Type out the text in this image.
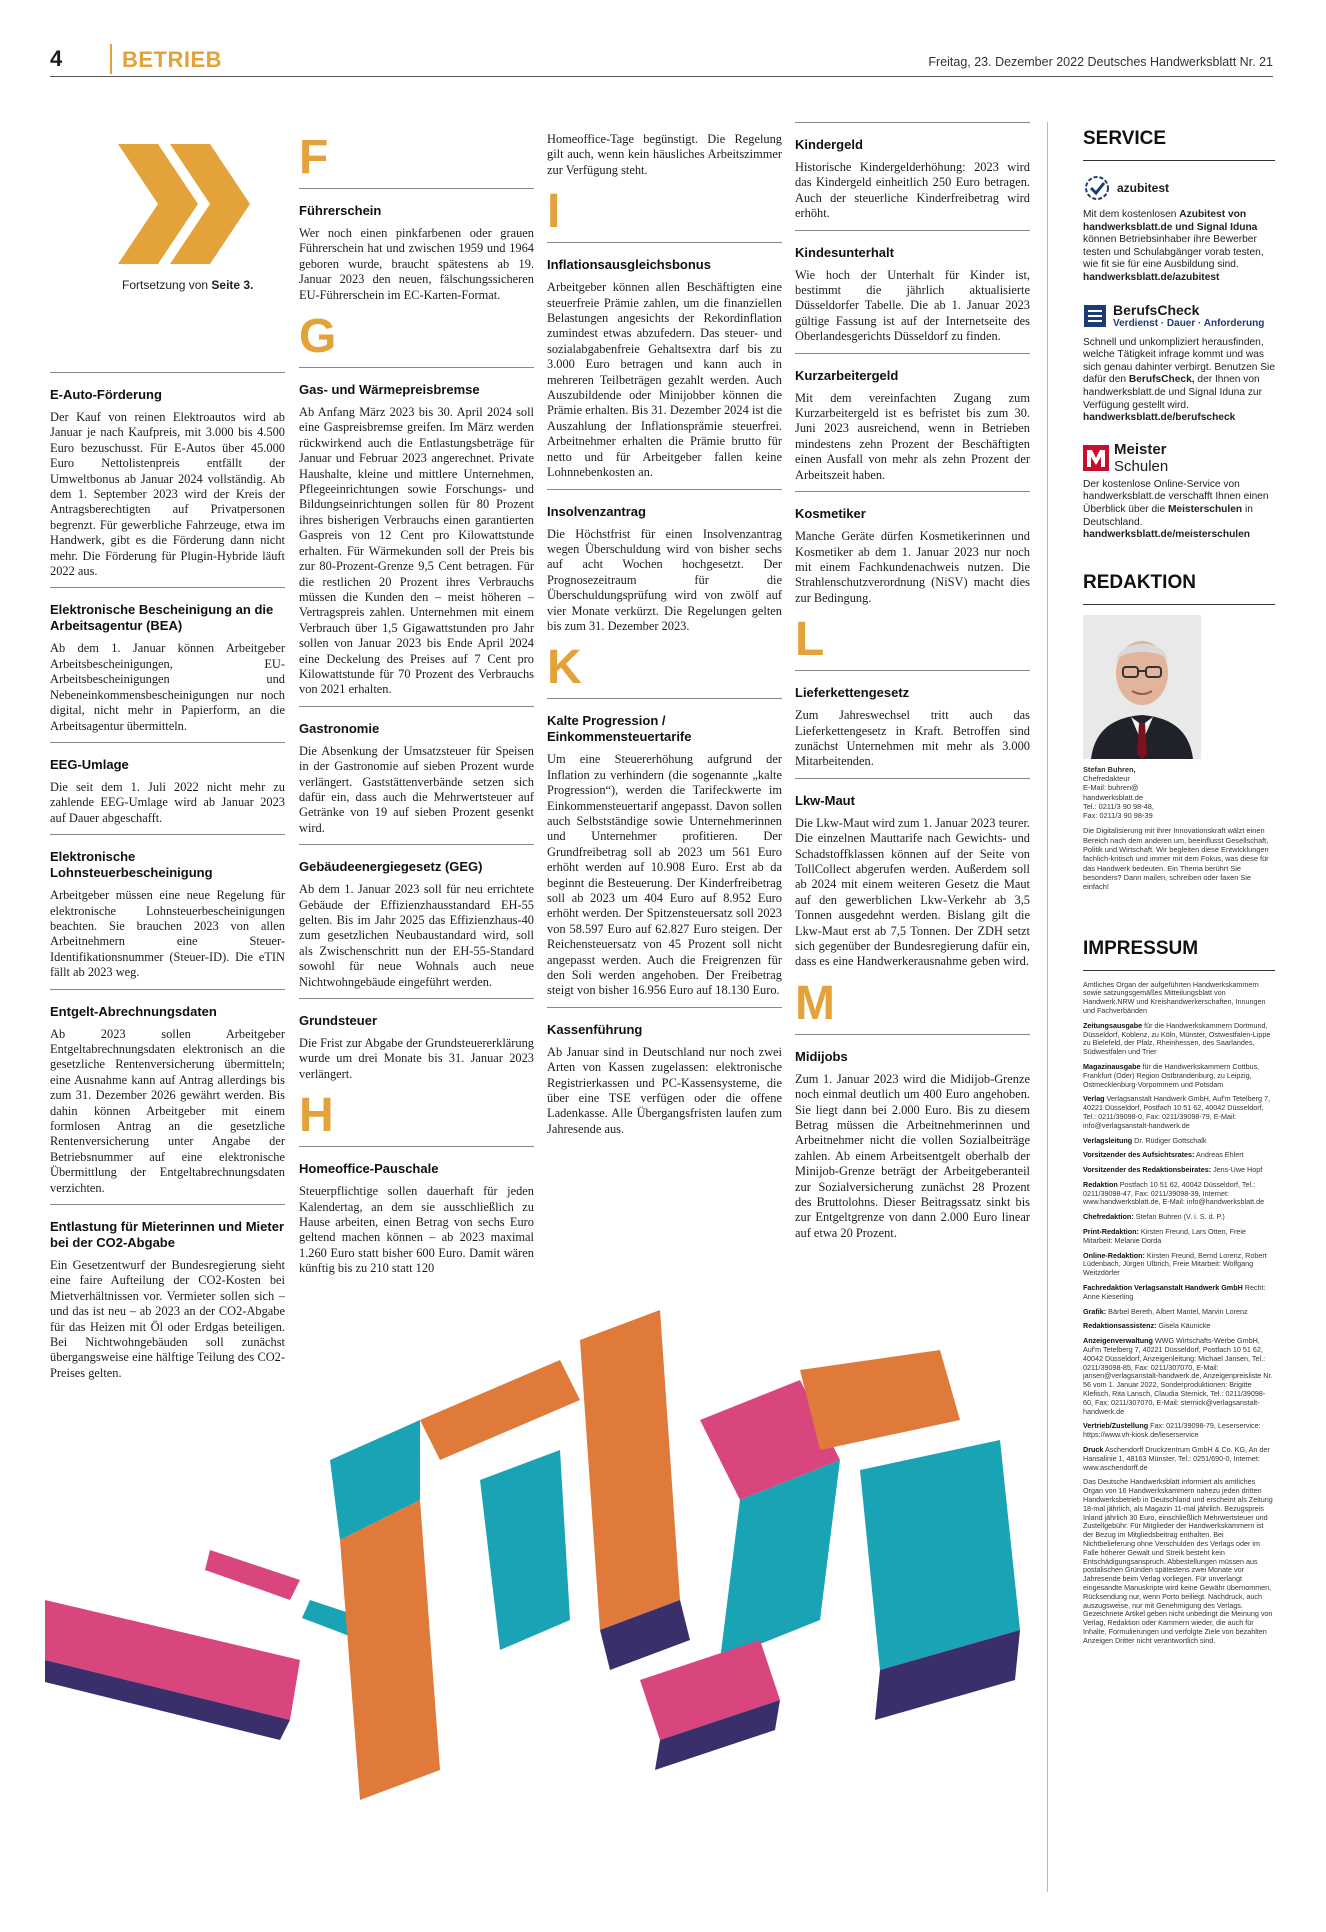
4	BETRIEB	Freitag, 23. Dezember 2022 Deutsches Handwerksblatt Nr. 21
Fortsetzung von Seite 3.
E-Auto-Förderung

Der Kauf von reinen Elektroautos wird ab Januar je nach Kaufpreis, mit 3.000 bis 4.500 Euro bezuschusst. Für E-Autos über 45.000 Euro Nettolistenpreis entfällt der Umweltbonus ab Januar 2024 vollständig. Ab dem 1. September 2023 wird der Kreis der Antragsberechtigten auf Privatpersonen begrenzt. Für gewerbliche Fahrzeuge, etwa im Handwerk, gibt es die Förderung dann nicht mehr. Die Förderung für Plugin-Hybride läuft 2022 aus.

Elektronische Bescheinigung an die Arbeitsagentur (BEA)

Ab dem 1. Januar können Arbeitgeber Arbeitsbescheinigungen, EU-Arbeitsbescheinigungen und Nebeneinkommensbescheinigungen nur noch digital, nicht mehr in Papierform, an die Arbeitsagentur übermitteln.

EEG-Umlage

Die seit dem 1. Juli 2022 nicht mehr zu zahlende EEG-Umlage wird ab Januar 2023 auf Dauer abgeschafft.

Elektronische Lohnsteuerbescheinigung

Arbeitgeber müssen eine neue Regelung für elektronische Lohnsteuerbescheinigungen beachten. Sie brauchen 2023 von allen Arbeitnehmern eine Steuer-Identifikationsnummer (Steuer-ID). Die eTIN fällt ab 2023 weg.

Entgelt-Abrechnungsdaten

Ab 2023 sollen Arbeitgeber Entgeltabrechnungsdaten elektronisch an die gesetzliche Rentenversicherung übermitteln; eine Ausnahme kann auf Antrag allerdings bis zum 31. Dezember 2026 gewährt werden. Bis dahin können Arbeitgeber mit einem formlosen Antrag an die gesetzliche Rentenversicherung unter Angabe der Betriebsnummer auf eine elektronische Übermittlung der Entgeltabrechnungsdaten verzichten.

Entlastung für Mieterinnen und Mieter bei der CO2-Abgabe

Ein Gesetzentwurf der Bundesregierung sieht eine faire Aufteilung der CO2-Kosten bei Mietverhältnissen vor. Vermieter sollen sich – und das ist neu – ab 2023 an der CO2-Abgabe für das Heizen mit Öl oder Erdgas beteiligen. Bei Nichtwohngebäuden soll zunächst übergangsweise eine hälftige Teilung des CO2-Preises gelten.

F
Führerschein

Wer noch einen pinkfarbenen oder grauen Führerschein hat und zwischen 1959 und 1964 geboren wurde, braucht spätestens ab 19. Januar 2023 den neuen, fälschungssicheren EU-Führerschein im EC-Karten-Format.

G
Gas- und Wärmepreisbremse

Ab Anfang März 2023 bis 30. April 2024 soll eine Gaspreisbremse greifen. Im März werden rückwirkend auch die Entlastungsbeträge für Januar und Februar 2023 angerechnet. Private Haushalte, kleine und mittlere Unternehmen, Pflegeeinrichtungen sowie Forschungs- und Bildungseinrichtungen sollen für 80 Prozent ihres bisherigen Verbrauchs einen garantierten Gaspreis von 12 Cent pro Kilowattstunde erhalten. Für Wärmekunden soll der Preis bis zur 80-Prozent-Grenze 9,5 Cent betragen. Für die restlichen 20 Prozent ihres Verbrauchs müssen die Kunden den – meist höheren – Vertragspreis zahlen. Unternehmen mit einem Verbrauch über 1,5 Gigawattstunden pro Jahr sollen von Januar 2023 bis Ende April 2024 eine Deckelung des Preises auf 7 Cent pro Kilowattstunde für 70 Prozent des Verbrauchs von 2021 erhalten.

Gastronomie

Die Absenkung der Umsatzsteuer für Speisen in der Gastronomie auf sieben Prozent wurde verlängert. Gaststättenverbände setzen sich dafür ein, dass auch die Mehrwertsteuer auf Getränke von 19 auf sieben Prozent gesenkt wird.

Gebäudeenergiegesetz (GEG)

Ab dem 1. Januar 2023 soll für neu errichtete Gebäude der Effizienzhausstandard EH-55 gelten. Bis im Jahr 2025 das Effizienzhaus-40 zum gesetzlichen Neubaustandard wird, soll als Zwischenschritt nun der EH-55-Standard sowohl für neue Wohnals auch neue Nichtwohngebäude eingeführt werden.

Grundsteuer

Die Frist zur Abgabe der Grundsteuererklärung wurde um drei Monate bis 31. Januar 2023 verlängert.

H
Homeoffice-Pauschale

Steuerpflichtige sollen dauerhaft für jeden Kalendertag, an dem sie ausschließlich zu Hause arbeiten, einen Betrag von sechs Euro geltend machen können – ab 2023 maximal 1.260 Euro statt bisher 600 Euro. Damit wären künftig bis zu 210 statt 120

Homeoffice-Tage begünstigt. Die Regelung gilt auch, wenn kein häusliches Arbeitszimmer zur Verfügung steht.

I
Inflationsausgleichsbonus

Arbeitgeber können allen Beschäftigten eine steuerfreie Prämie zahlen, um die finanziellen Belastungen angesichts der Rekordinflation zumindest etwas abzufedern. Das steuer- und sozialabgabenfreie Gehaltsextra darf bis zu 3.000 Euro betragen und kann auch in mehreren Teilbeträgen gezahlt werden. Auch Auszubildende oder Minijobber können die Prämie erhalten. Bis 31. Dezember 2024 ist die Auszahlung der Inflationsprämie steuerfrei. Arbeitnehmer erhalten die Prämie brutto für netto und für Arbeitgeber fallen keine Lohnnebenkosten an.

Insolvenzantrag

Die Höchstfrist für einen Insolvenzantrag wegen Überschuldung wird von bisher sechs auf acht Wochen hochgesetzt. Der Prognosezeitraum für die Überschuldungsprüfung wird von zwölf auf vier Monate verkürzt. Die Regelungen gelten bis zum 31. Dezember 2023.

K
Kalte Progression / Einkommensteuertarife

Um eine Steuererhöhung aufgrund der Inflation zu verhindern (die sogenannte „kalte Progression“), werden die Tarifeckwerte im Einkommensteuertarif angepasst. Davon sollen auch Selbstständige sowie Unternehmerinnen und Unternehmer profitieren. Der Grundfreibetrag soll ab 2023 um 561 Euro erhöht werden auf 10.908 Euro. Erst ab da beginnt die Besteuerung. Der Kinderfreibetrag soll ab 2023 um 404 Euro auf 8.952 Euro erhöht werden. Der Spitzensteuersatz soll 2023 von 58.597 Euro auf 62.827 Euro steigen. Der Reichensteuersatz von 45 Prozent soll nicht angepasst werden. Auch die Freigrenzen für den Soli werden angehoben. Der Freibetrag steigt von bisher 16.956 Euro auf 18.130 Euro.

Kassenführung

Ab Januar sind in Deutschland nur noch zwei Arten von Kassen zugelassen: elektronische Registrierkassen und PC-Kassensysteme, die über eine TSE verfügen oder die offene Ladenkasse. Alle Übergangsfristen laufen zum Jahresende aus.

Kindergeld

Historische Kindergelderhöhung: 2023 wird das Kindergeld einheitlich 250 Euro betragen. Auch der steuerliche Kinderfreibetrag wird erhöht.

Kindesunterhalt

Wie hoch der Unterhalt für Kinder ist, bestimmt die jährlich aktualisierte Düsseldorfer Tabelle. Die ab 1. Januar 2023 gültige Fassung ist auf der Internetseite des Oberlandesgerichts Düsseldorf zu finden.

Kurzarbeitergeld

Mit dem vereinfachten Zugang zum Kurzarbeitergeld ist es befristet bis zum 30. Juni 2023 ausreichend, wenn in Betrieben mindestens zehn Prozent der Beschäftigten einen Ausfall von mehr als zehn Prozent der Arbeitszeit haben.

Kosmetiker

Manche Geräte dürfen Kosmetikerinnen und Kosmetiker ab dem 1. Januar 2023 nur noch mit einem Fachkundenachweis nutzen. Die Strahlenschutzverordnung (NiSV) macht dies zur Bedingung.

L
Lieferkettengesetz

Zum Jahreswechsel tritt auch das Lieferkettengesetz in Kraft. Betroffen sind zunächst Unternehmen mit mehr als 3.000 Mitarbeitenden.

Lkw-Maut

Die Lkw-Maut wird zum 1. Januar 2023 teurer. Die einzelnen Mauttarife nach Gewichts- und Schadstoffklassen können auf der Seite von TollCollect abgerufen werden. Außerdem soll ab 2024 mit einem weiteren Gesetz die Maut auf den gewerblichen Lkw-Verkehr ab 3,5 Tonnen ausgedehnt werden. Bislang gilt die Lkw-Maut erst ab 7,5 Tonnen. Der ZDH setzt sich gegenüber der Bundesregierung dafür ein, dass es eine Handwerkerausnahme geben wird.

M
Midijobs

Zum 1. Januar 2023 wird die Midijob-Grenze noch einmal deutlich um 400 Euro angehoben. Sie liegt dann bei 2.000 Euro. Bis zu diesem Betrag müssen die Arbeitnehmerinnen und Arbeitnehmer nicht die vollen Sozialbeiträge zahlen. Ab einem Arbeitsentgelt oberhalb der Minijob-Grenze beträgt der Arbeitgeberanteil zur Sozialversicherung zunächst 28 Prozent des Bruttolohns. Dieser Beitragssatz sinkt bis zur Entgeltgrenze von dann 2.000 Euro linear auf etwa 20 Prozent.

SERVICE
azubitest

Mit dem kostenlosen Azubitest von handwerksblatt.de und Signal Iduna können Betriebsinhaber ihre Bewerber testen und Schulabgänger vorab testen, wie fit sie für eine Ausbildung sind.
handwerksblatt.de/azubitest

BerufsCheck
Verdienst · Dauer · Anforderung

Schnell und unkompliziert herausfinden, welche Tätigkeit infrage kommt und was sich genau dahinter verbirgt. Benutzen Sie dafür den BerufsCheck, der Ihnen von handwerksblatt.de und Signal Iduna zur Verfügung gestellt wird.
handwerksblatt.de/berufscheck

Meister
Schulen

Der kostenlose Online-Service von handwerksblatt.de verschafft Ihnen einen Überblick über die Meisterschulen in Deutschland.
handwerksblatt.de/meisterschulen

REDAKTION

Stefan Buhren,
Chefredakteur
E-Mail: buhren@
handwerksblatt.de
Tel.: 0211/3 90 98-48,
Fax: 0211/3 90 98-39

Die Digitalisierung mit ihrer Innovationskraft wälzt einen Bereich nach dem anderen um, beeinflusst Gesellschaft, Politik und Wirtschaft. Wir begleiten diese Entwicklungen fachlich-kritisch und immer mit dem Fokus, was diese für das Handwerk bedeuten. Ein Thema berührt Sie besonders? Dann mailen, schreiben oder faxen Sie einfach!

IMPRESSUM

Amtliches Organ der aufgeführten Handwerkskammern sowie satzungsgemäßes Mitteilungsblatt von Handwerk.NRW und Kreishandwerkerschaften, Innungen und Fachverbänden

Zeitungsausgabe für die Handwerkskammern Dortmund, Düsseldorf, Koblenz, zu Köln, Münster, Ostwestfalen-Lippe zu Bielefeld, der Pfalz, Rheinhessen, des Saarlandes, Südwestfalen und Trier

Magazinausgabe für die Handwerkskammern Cottbus, Frankfurt (Oder) Region Ostbrandenburg, zu Leipzig, Ostmecklenburg-Vorpommern und Potsdam

Verlag Verlagsanstalt Handwerk GmbH, Auf'm Tetelberg 7, 40221 Düsseldorf, Postfach 10 51 62, 40042 Düsseldorf, Tel.: 0211/39098-0, Fax: 0211/39098-79, E-Mail: info@verlagsanstalt-handwerk.de

Verlagsleitung Dr. Rüdiger Gottschalk

Vorsitzender des Aufsichtsrates: Andreas Ehlert

Vorsitzender des Redaktionsbeirates: Jens-Uwe Hopf

Redaktion Postfach 10 51 62, 40042 Düsseldorf, Tel.: 0211/39098-47, Fax: 0211/39098-39, Internet: www.handwerksblatt.de, E-Mail: info@handwerksblatt.de

Chefredaktion: Stefan Buhren (V. i. S. d. P.)

Print-Redaktion: Kirsten Freund, Lars Otten, Freie Mitarbeit: Melanie Dorda

Online-Redaktion: Kirsten Freund, Bernd Lorenz, Robert Lüdenbach, Jürgen Ulbrich, Freie Mitarbeit: Wolfgang Weitzdörfer

Fachredaktion Verlagsanstalt Handwerk GmbH Recht: Anne Kieserling

Grafik: Bärbel Bereth, Albert Mantel, Marvin Lorenz

Redaktionsassistenz: Gisela Käunicke

Anzeigenverwaltung WWG Wirtschafts-Werbe GmbH, Auf'm Tetelberg 7, 40221 Düsseldorf, Postfach 10 51 62, 40042 Düsseldorf, Anzeigenleitung: Michael Jansen, Tel.: 0211/39098-85, Fax: 0211/307070, E-Mail: jansen@verlagsanstalt-handwerk.de, Anzeigenpreisliste Nr. 56 vom 1. Januar 2022, Sonderproduktionen: Brigitte Klefisch, Rita Lansch, Claudia Sternick, Tel.: 0211/39098-60, Fax: 0211/307070, E-Mail: sternick@verlagsanstalt-handwerk.de

Vertrieb/Zustellung Fax: 0211/39098-79, Leserservice: https://www.vh-kiosk.de/leserservice

Druck Aschendorff Druckzentrum GmbH & Co. KG, An der Hansalinie 1, 48163 Münster, Tel.: 0251/690-0, Internet: www.aschendorff.de

Das Deutsche Handwerksblatt informiert als amtliches Organ von 16 Handwerkskammern nahezu jeden dritten Handwerksbetrieb in Deutschland und erscheint als Zeitung 18-mal jährlich, als Magazin 11-mal jährlich. Bezugspreis Inland jährlich 30 Euro, einschließlich Mehrwertsteuer und Zustellgebühr. Für Mitglieder der Handwerkskammern ist der Bezug im Mitgliedsbeitrag enthalten. Bei Nichtbelieferung ohne Verschulden des Verlags oder im Falle höherer Gewalt und Streik besteht kein Entschädigungsanspruch. Abbestellungen müssen aus postalischen Gründen spätestens zwei Monate vor Jahresende beim Verlag vorliegen. Für unverlangt eingesandte Manuskripte wird keine Gewähr übernommen, Rücksendung nur, wenn Porto beiliegt. Nachdruck, auch auszugsweise, nur mit Genehmigung des Verlags. Gezeichnete Artikel geben nicht unbedingt die Meinung von Verlag, Redaktion oder Kammern wieder, die auch für Inhalte, Formulierungen und verfolgte Ziele von bezahlten Anzeigen Dritter nicht verantwortlich sind.
